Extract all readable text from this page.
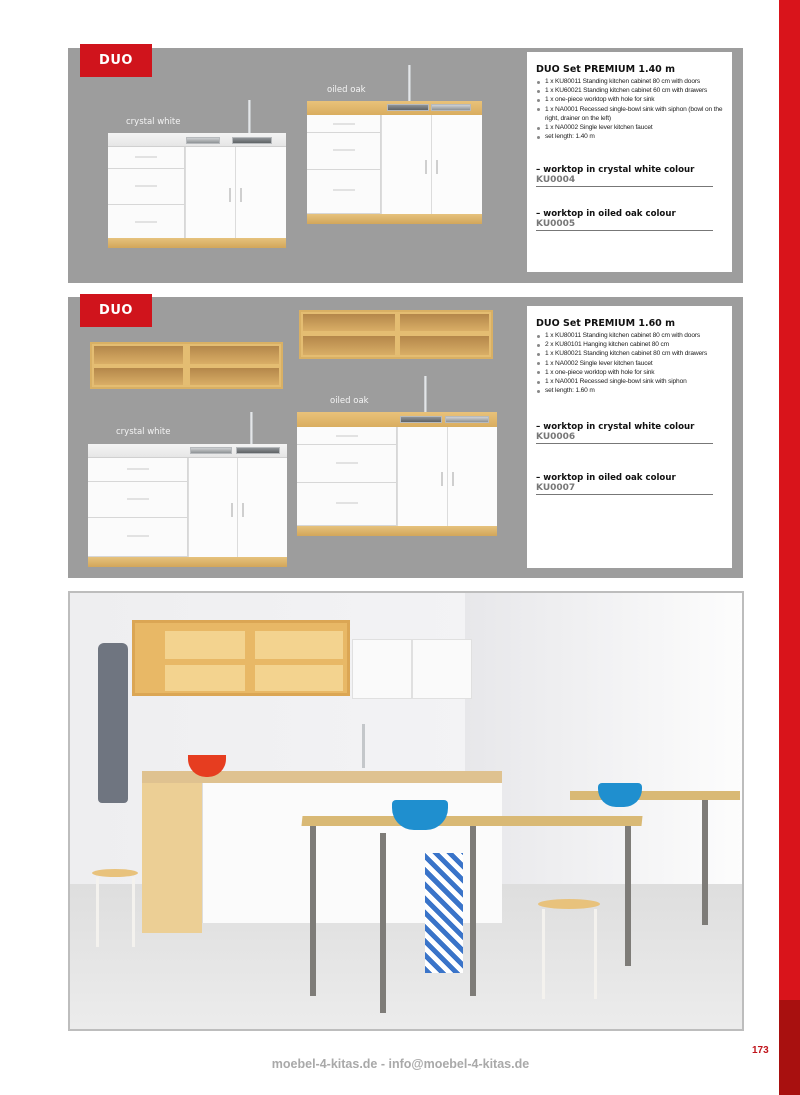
crystal white
oiled oak
DUO
DUO Set PREMIUM 1.40 m
1 x KU80011 Standing kitchen cabinet 80 cm with doors
1 x KU60021 Standing kitchen cabinet 60 cm with drawers
1 x one-piece worktop with hole for sink
1 x NA0001 Recessed single-bowl sink with siphon (bowl on the right, drainer on the left)
1 x NA0002 Single lever kitchen faucet
set length: 1.40 m
– worktop in crystal white colour
KU0004
– worktop in oiled oak colour
KU0005
crystal white
oiled oak
DUO
DUO Set PREMIUM 1.60 m
1 x KU80011 Standing kitchen cabinet 80 cm with doors
2 x KU80101 Hanging kitchen cabinet 80 cm
1 x KU80021 Standing kitchen cabinet 80 cm with drawers
1 x NA0002 Single lever kitchen faucet
1 x one-piece worktop with hole for sink
1 x NA0001 Recessed single-bowl sink with siphon
set length: 1.60 m
– worktop in crystal white colour
KU0006
– worktop in oiled oak colour
KU0007
173
moebel-4-kitas.de - info@moebel-4-kitas.de
